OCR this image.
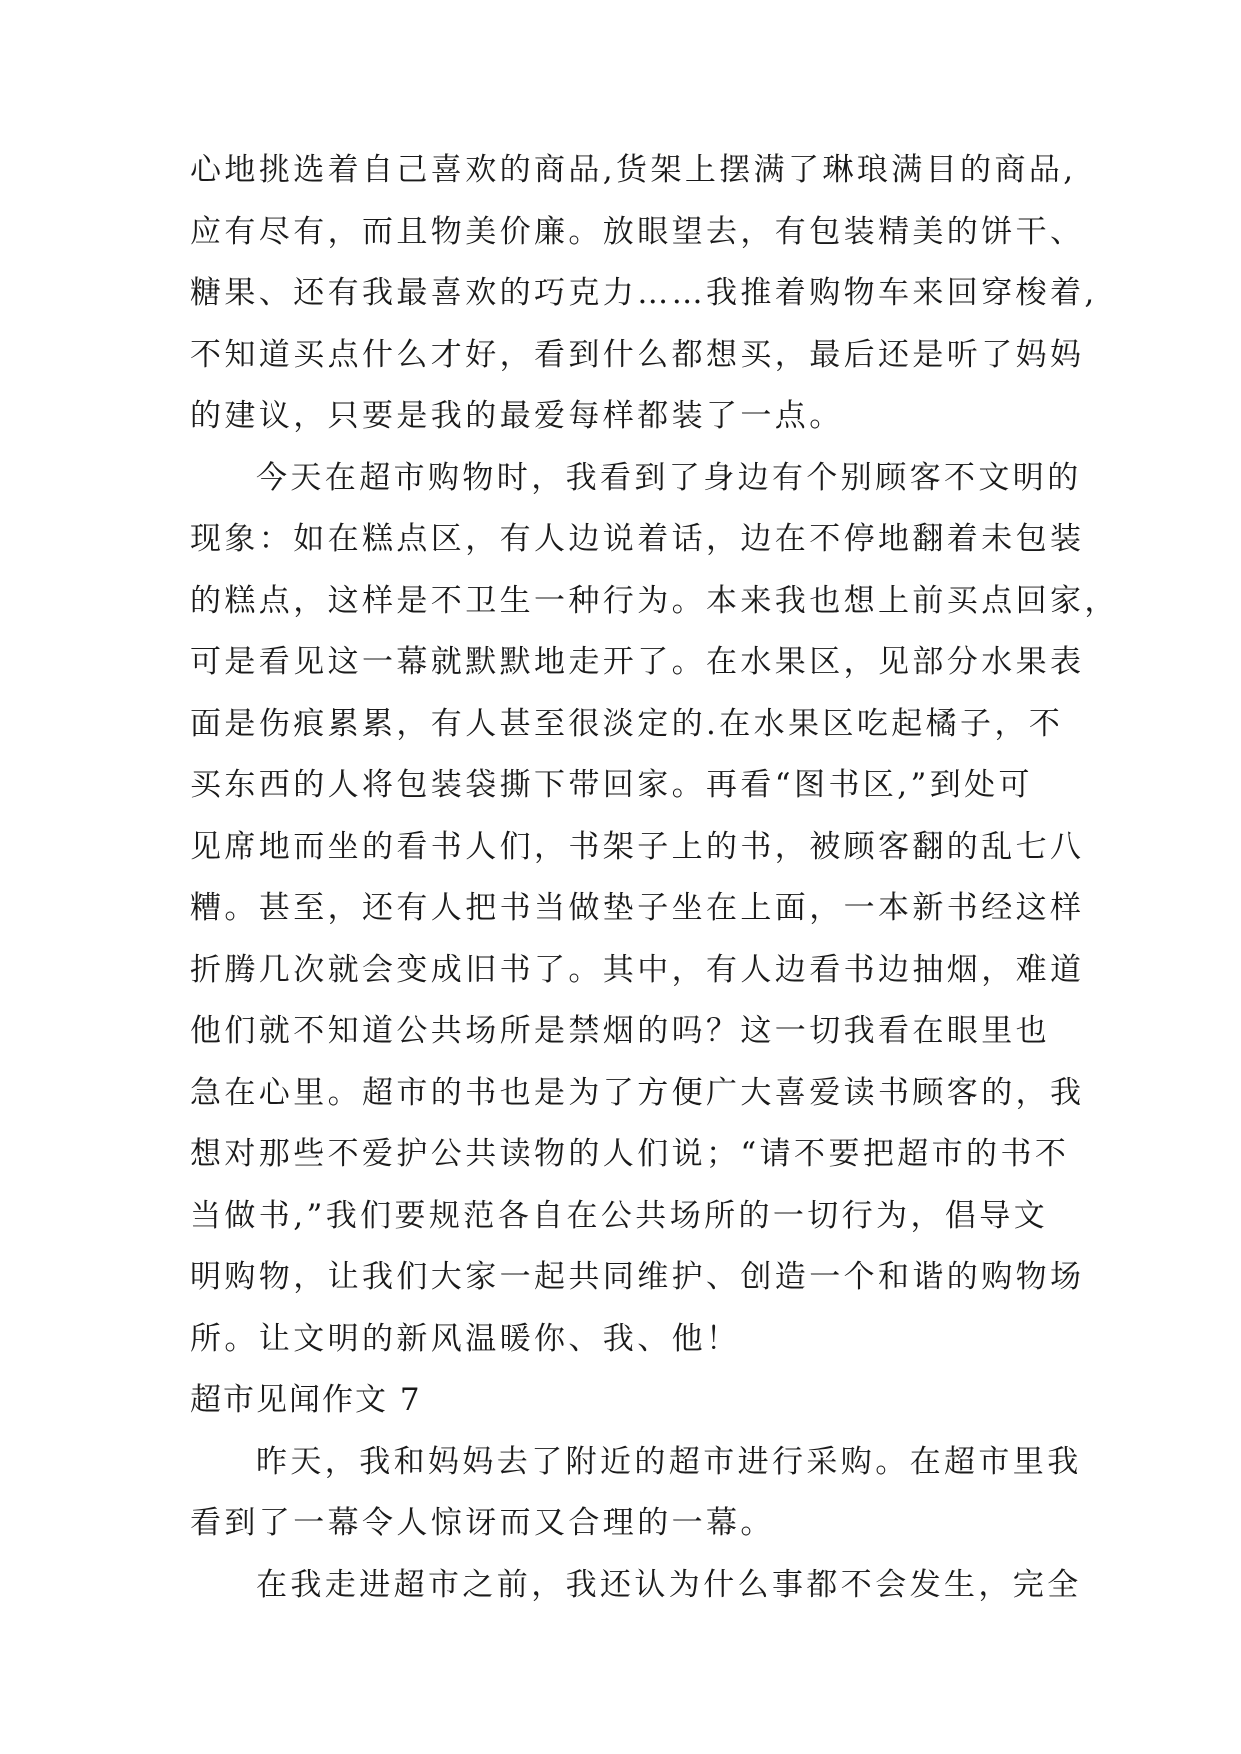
心地挑选着自己喜欢的商品,货架上摆满了琳琅满目的商品,
应有尽有，而且物美价廉。放眼望去，有包装精美的饼干、
糖果、还有我最喜欢的巧克力……我推着购物车来回穿梭着,
不知道买点什么才好，看到什么都想买，最后还是听了妈妈
的建议，只要是我的最爱每样都装了一点。
今天在超市购物时，我看到了身边有个别顾客不文明的
现象：如在糕点区，有人边说着话，边在不停地翻着未包装
的糕点，这样是不卫生一种行为。本来我也想上前买点回家，
可是看见这一幕就默默地走开了。在水果区，见部分水果表
面是伤痕累累，有人甚至很淡定的.在水果区吃起橘子，不
买东西的人将包装袋撕下带回家。再看“图书区,”到处可
见席地而坐的看书人们，书架子上的书，被顾客翻的乱七八
糟。甚至，还有人把书当做垫子坐在上面，一本新书经这样
折腾几次就会变成旧书了。其中，有人边看书边抽烟，难道
他们就不知道公共场所是禁烟的吗？这一切我看在眼里也
急在心里。超市的书也是为了方便广大喜爱读书顾客的，我
想对那些不爱护公共读物的人们说；“请不要把超市的书不
当做书,”我们要规范各自在公共场所的一切行为，倡导文
明购物，让我们大家一起共同维护、创造一个和谐的购物场
所。让文明的新风温暖你、我、他！
超市见闻作文 7
昨天，我和妈妈去了附近的超市进行采购。在超市里我
看到了一幕令人惊讶而又合理的一幕。
在我走进超市之前，我还认为什么事都不会发生，完全
